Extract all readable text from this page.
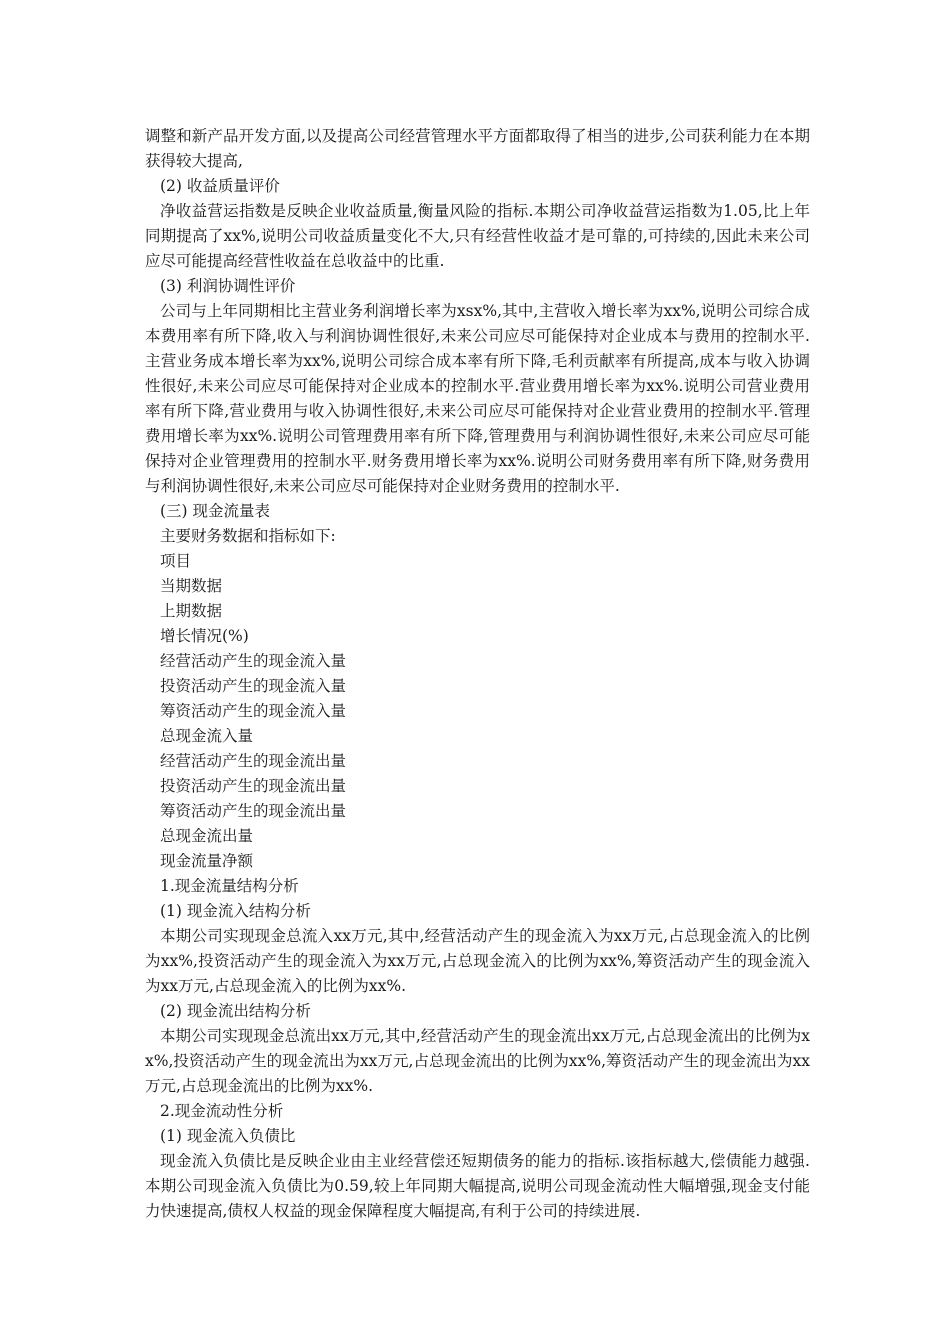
调整和新产品开发方面,以及提高公司经营管理水平方面都取得了相当的进步,公司获利能力在本期获得较大提高,

(2) 收益质量评价

净收益营运指数是反映企业收益质量,衡量风险的指标.本期公司净收益营运指数为1.05,比上年同期提高了xx%,说明公司收益质量变化不大,只有经营性收益才是可靠的,可持续的,因此未来公司应尽可能提高经营性收益在总收益中的比重.

(3) 利润协调性评价

公司与上年同期相比主营业务利润增长率为xsx%,其中,主营收入增长率为xx%,说明公司综合成本费用率有所下降,收入与利润协调性很好,未来公司应尽可能保持对企业成本与费用的控制水平.主营业务成本增长率为xx%,说明公司综合成本率有所下降,毛利贡献率有所提高,成本与收入协调性很好,未来公司应尽可能保持对企业成本的控制水平.营业费用增长率为xx%.说明公司营业费用率有所下降,营业费用与收入协调性很好,未来公司应尽可能保持对企业营业费用的控制水平.管理费用增长率为xx%.说明公司管理费用率有所下降,管理费用与利润协调性很好,未来公司应尽可能保持对企业管理费用的控制水平.财务费用增长率为xx%.说明公司财务费用率有所下降,财务费用与利润协调性很好,未来公司应尽可能保持对企业财务费用的控制水平.

(三) 现金流量表

主要财务数据和指标如下:

项目

当期数据

上期数据

增长情况(%)

经营活动产生的现金流入量

投资活动产生的现金流入量

筹资活动产生的现金流入量

总现金流入量

经营活动产生的现金流出量

投资活动产生的现金流出量

筹资活动产生的现金流出量

总现金流出量

现金流量净额

1.现金流量结构分析

(1) 现金流入结构分析

本期公司实现现金总流入xx万元,其中,经营活动产生的现金流入为xx万元,占总现金流入的比例为xx%,投资活动产生的现金流入为xx万元,占总现金流入的比例为xx%,筹资活动产生的现金流入为xx万元,占总现金流入的比例为xx%.

(2) 现金流出结构分析

本期公司实现现金总流出xx万元,其中,经营活动产生的现金流出xx万元,占总现金流出的比例为xx%,投资活动产生的现金流出为xx万元,占总现金流出的比例为xx%,筹资活动产生的现金流出为xx万元,占总现金流出的比例为xx%.

2.现金流动性分析

(1) 现金流入负债比

现金流入负债比是反映企业由主业经营偿还短期债务的能力的指标.该指标越大,偿债能力越强.本期公司现金流入负债比为0.59,较上年同期大幅提高,说明公司现金流动性大幅增强,现金支付能力快速提高,债权人权益的现金保障程度大幅提高,有利于公司的持续进展.
